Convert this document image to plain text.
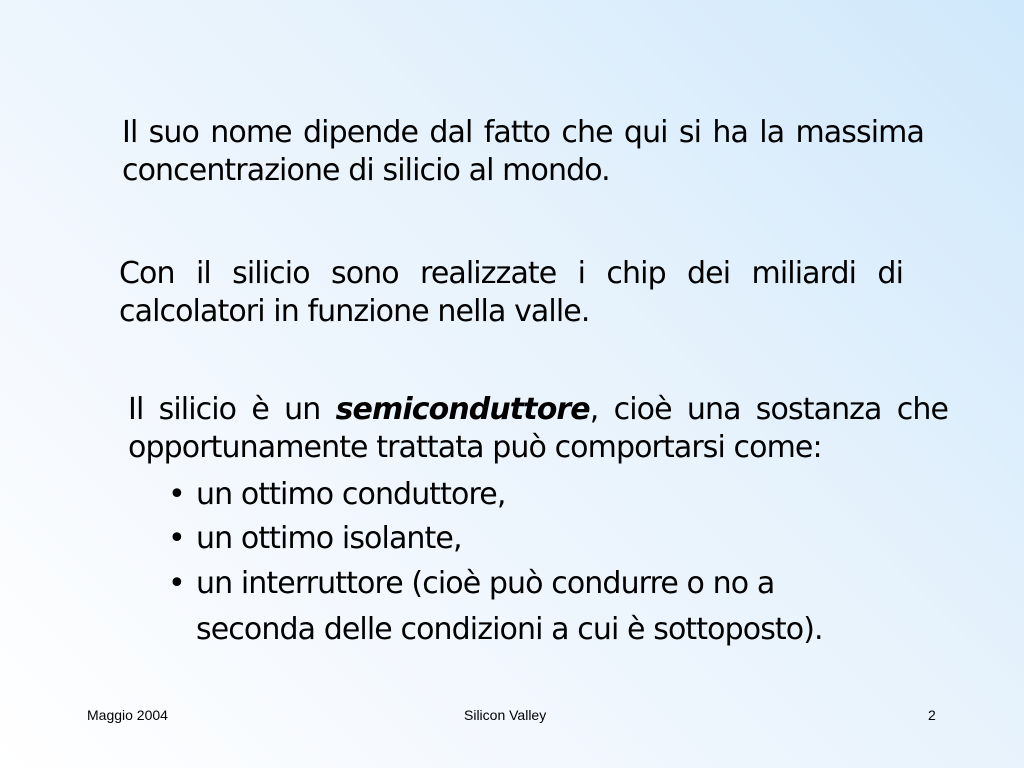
Il suo nome dipende dal fatto che qui si ha la massima concentrazione di silicio al mondo.
Con il silicio sono realizzate i chip dei miliardi di calcolatori in funzione nella valle.
Il silicio è un semiconduttore, cioè una sostanza che opportunamente trattata può comportarsi come:
• un ottimo conduttore,
• un ottimo isolante,
• un interruttore (cioè può condurre o no a seconda delle condizioni a cui è sottoposto).
Maggio 2004	Silicon Valley	2
